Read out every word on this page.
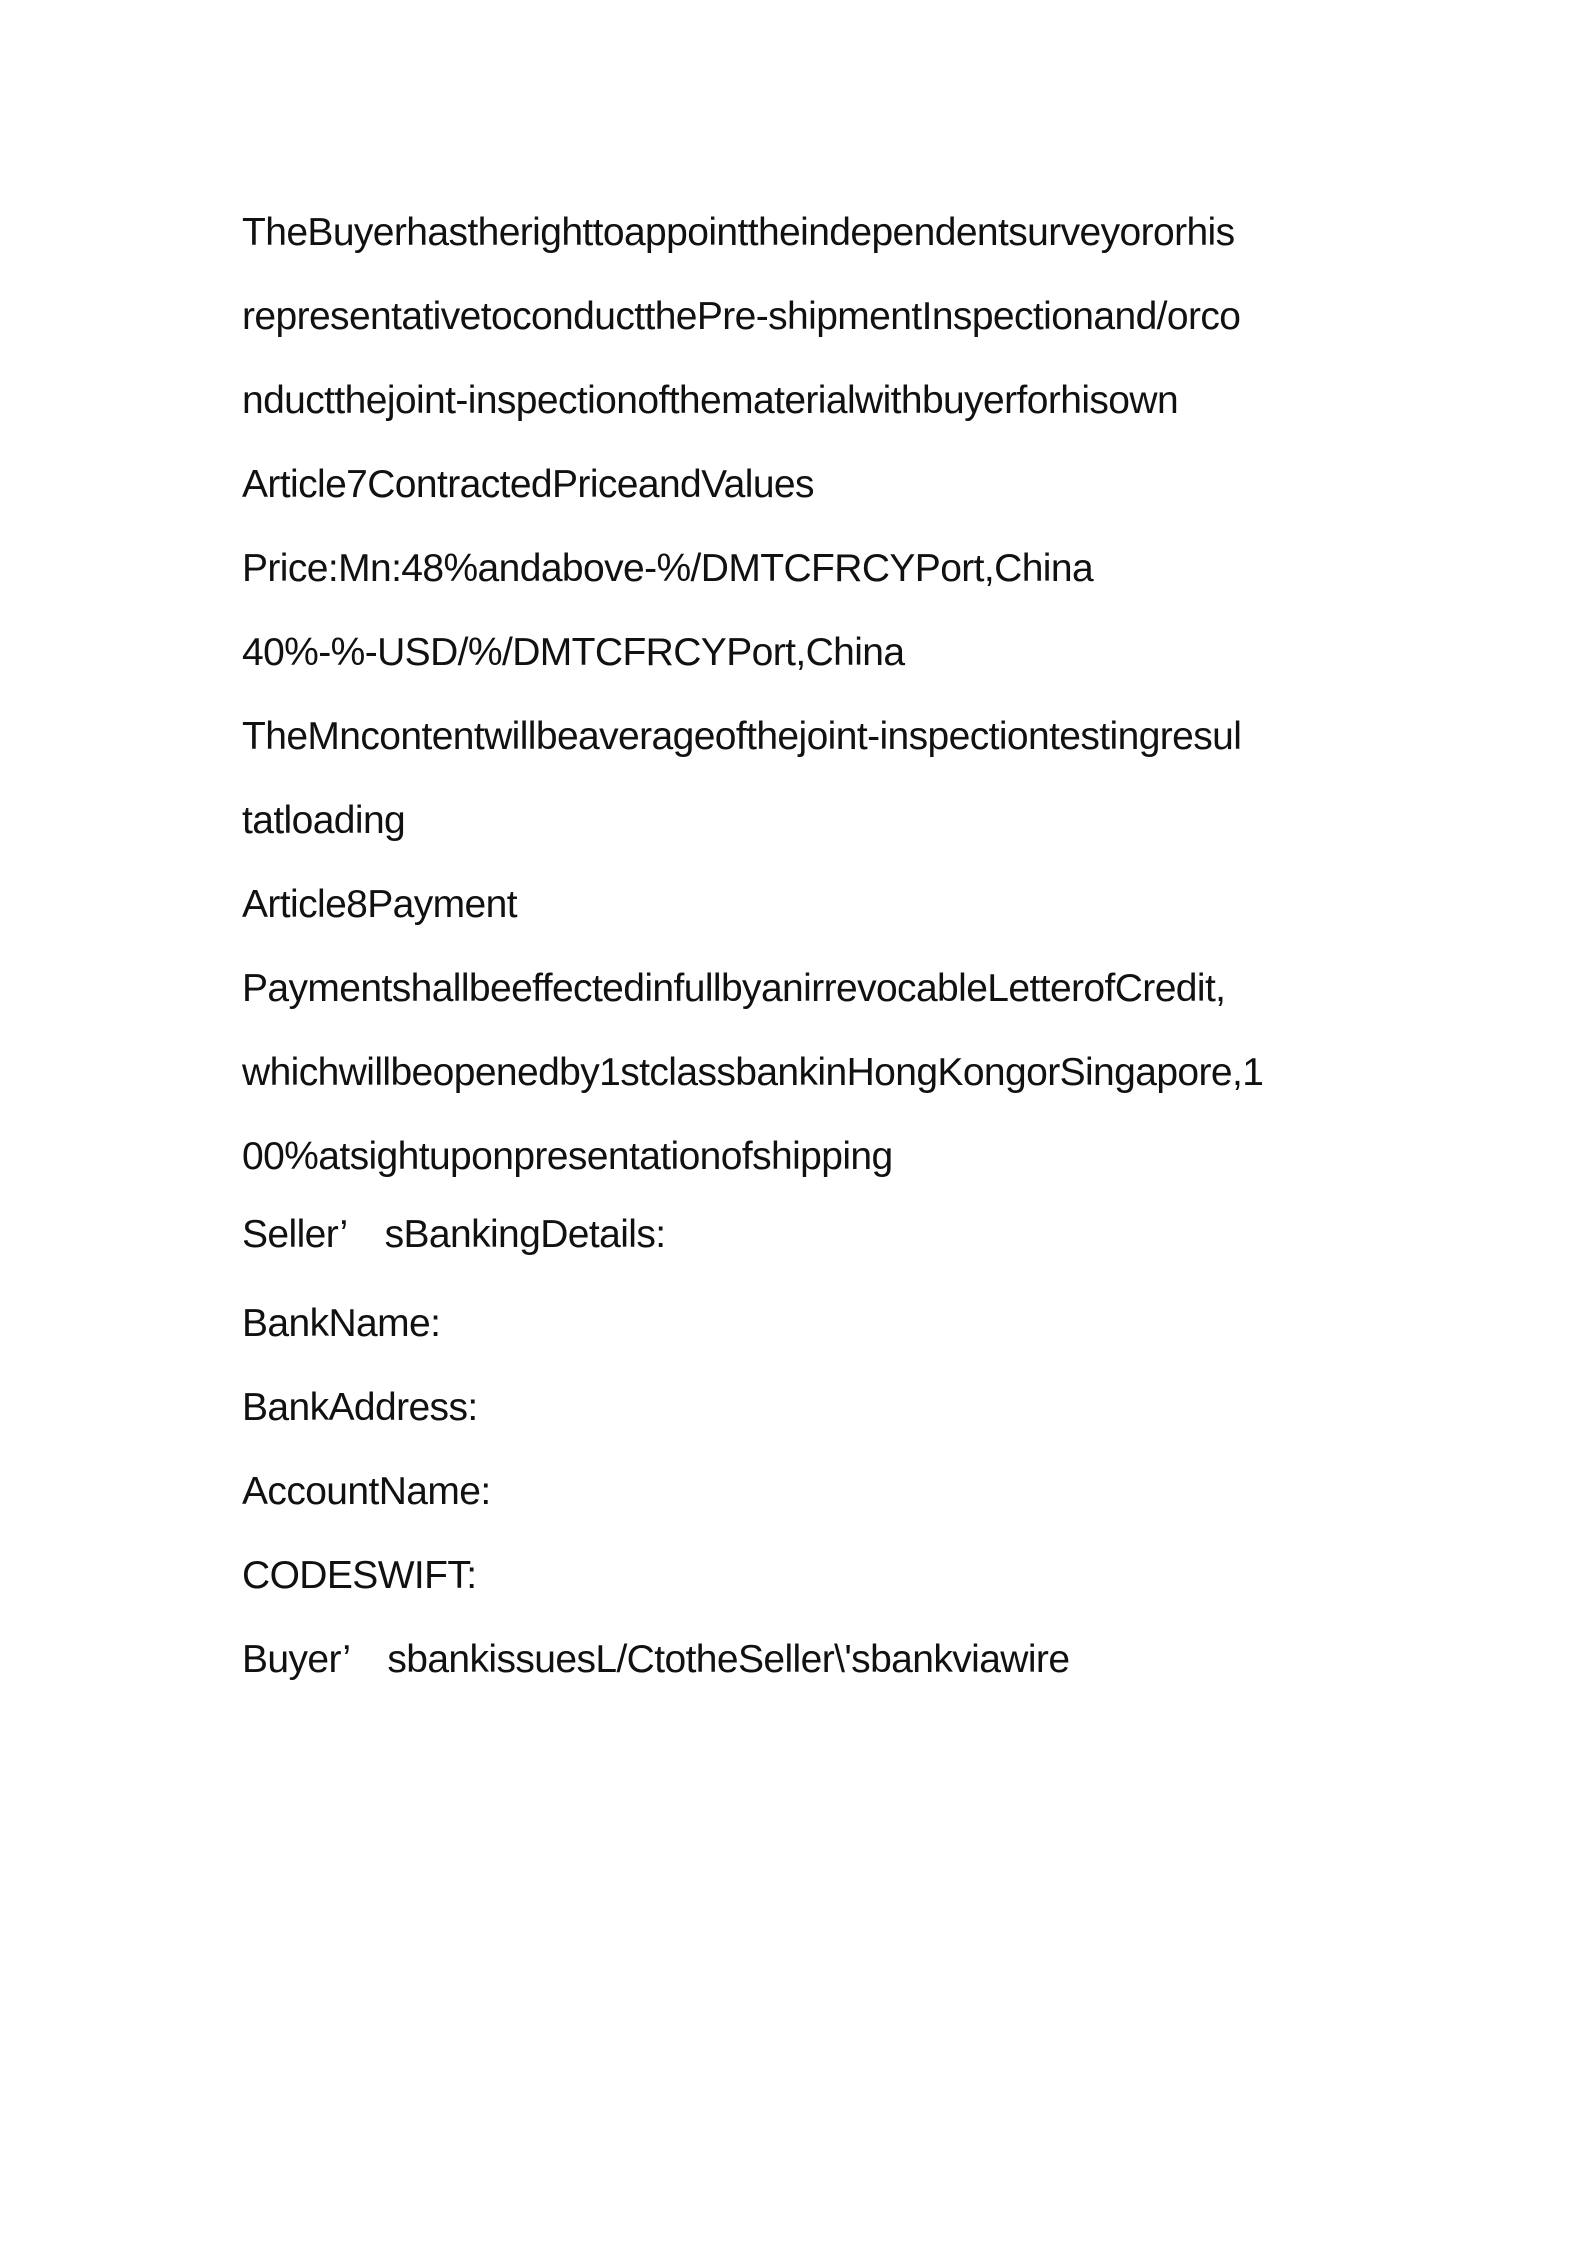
TheBuyerhastherighttoappointtheindependentsurveyororhis

representativetoconductthePre-shipmentInspectionand/orco

nductthejoint-inspectionofthematerialwithbuyerforhisown

Article7ContractedPriceandValues

Price:Mn:48%andabove-%/DMTCFRCYPort,China

40%-%-USD/%/DMTCFRCYPort,China

TheMncontentwillbeaverageofthejoint-inspectiontestingresul

tatloading

Article8Payment

PaymentshallbeeffectedinfullbyanirrevocableLetterofCredit,

whichwillbeopenedby1stclassbankinHongKongorSingapore,1

00%atsightuponpresentationofshipping

Seller’　sBankingDetails:

BankName:

BankAddress:

AccountName:

CODESWIFT:

Buyer’　sbankissuesL/CtotheSeller\'sbankviawire
